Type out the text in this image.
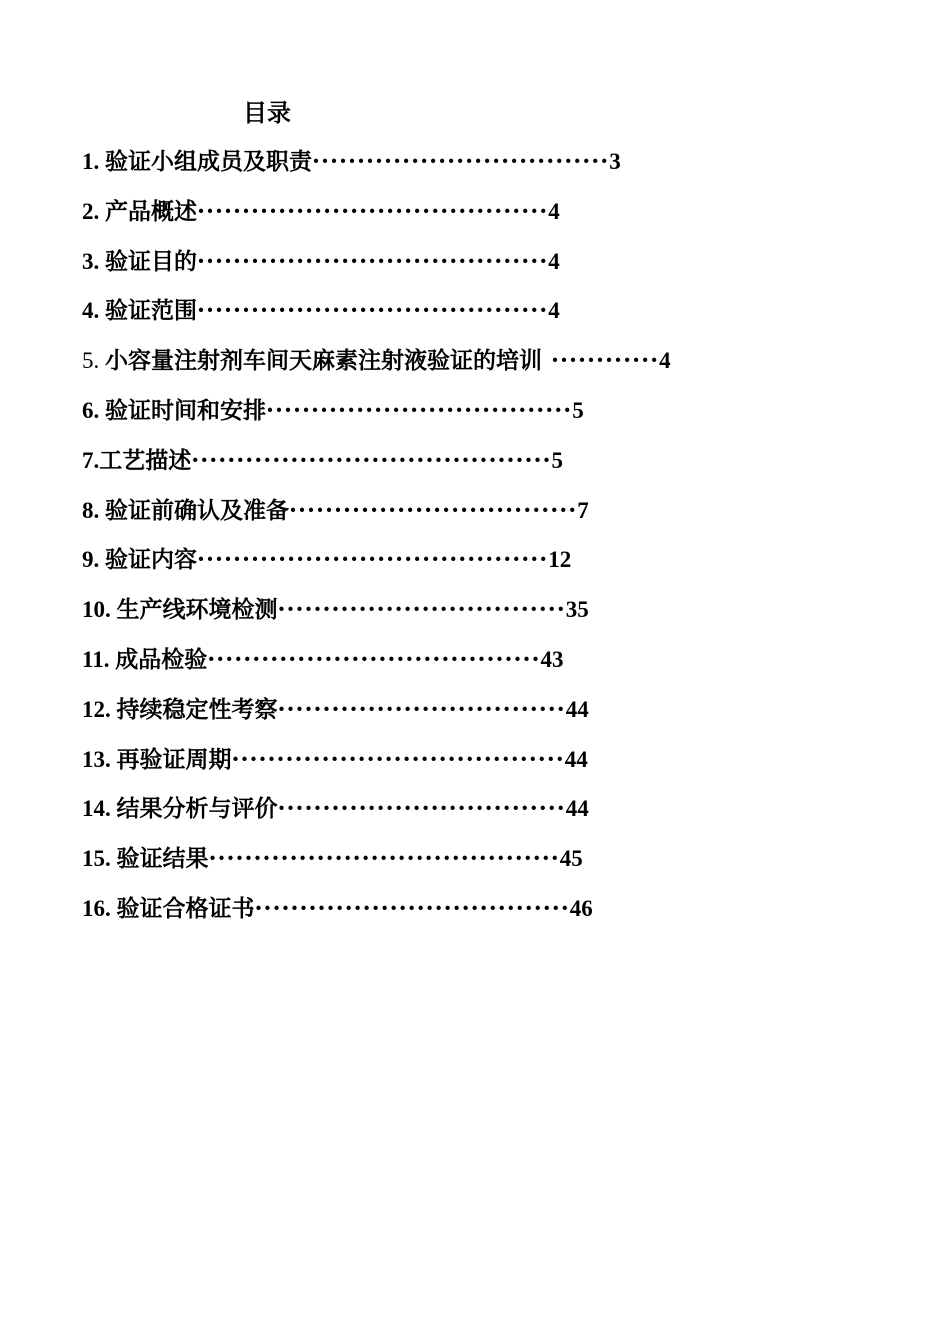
目录
1. 验证小组成员及职责·································3
2. 产品概述·······································4
3. 验证目的·······································4
4. 验证范围·······································4
5. 小容量注射剂车间天麻素注射液验证的培训 ············4
6. 验证时间和安排··································5
7.工艺描述········································5
8. 验证前确认及准备································7
9. 验证内容·······································12
10. 生产线环境检测································35
11. 成品检验·····································43
12. 持续稳定性考察································44
13. 再验证周期·····································44
14. 结果分析与评价································44
15. 验证结果·······································45
16. 验证合格证书···································46
